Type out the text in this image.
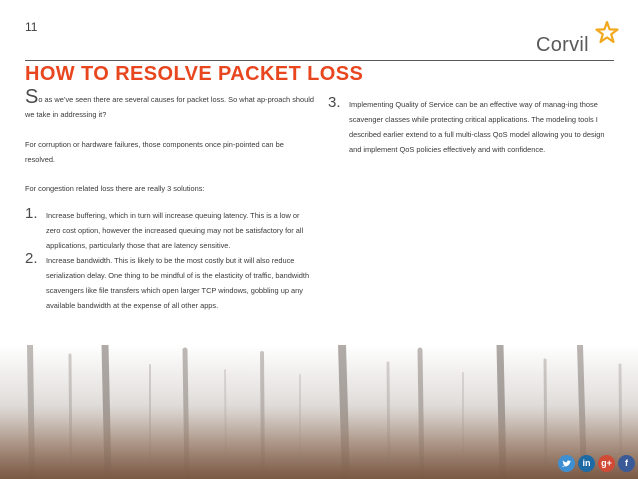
11
Corvil
HOW TO RESOLVE PACKET LOSS

So as we’ve seen there are several causes for packet loss. So what ap-proach should we take in addressing it?

For corruption or hardware failures, those components once pin-pointed can be resolved.

For congestion related loss there are really 3 solutions:

1. Increase buffering, which in turn will increase queuing latency. This is a low or zero cost option, however the increased queuing may not be satisfactory for all applications, particularly those that are latency sensitive.
2. Increase bandwidth. This is likely to be the most costly but it will also reduce serialization delay. One thing to be mindful of is the elasticity of traffic, bandwidth scavengers like file transfers which open larger TCP windows, gobbling up any available bandwidth at the expense of all other apps.
3. Implementing Quality of Service can be an effective way of manag-ing those scavenger classes while protecting critical applications. The modeling tools I described earlier extend to a full multi-class QoS model allowing you to design and implement QoS policies effectively and with confidence.
in	g+	f
